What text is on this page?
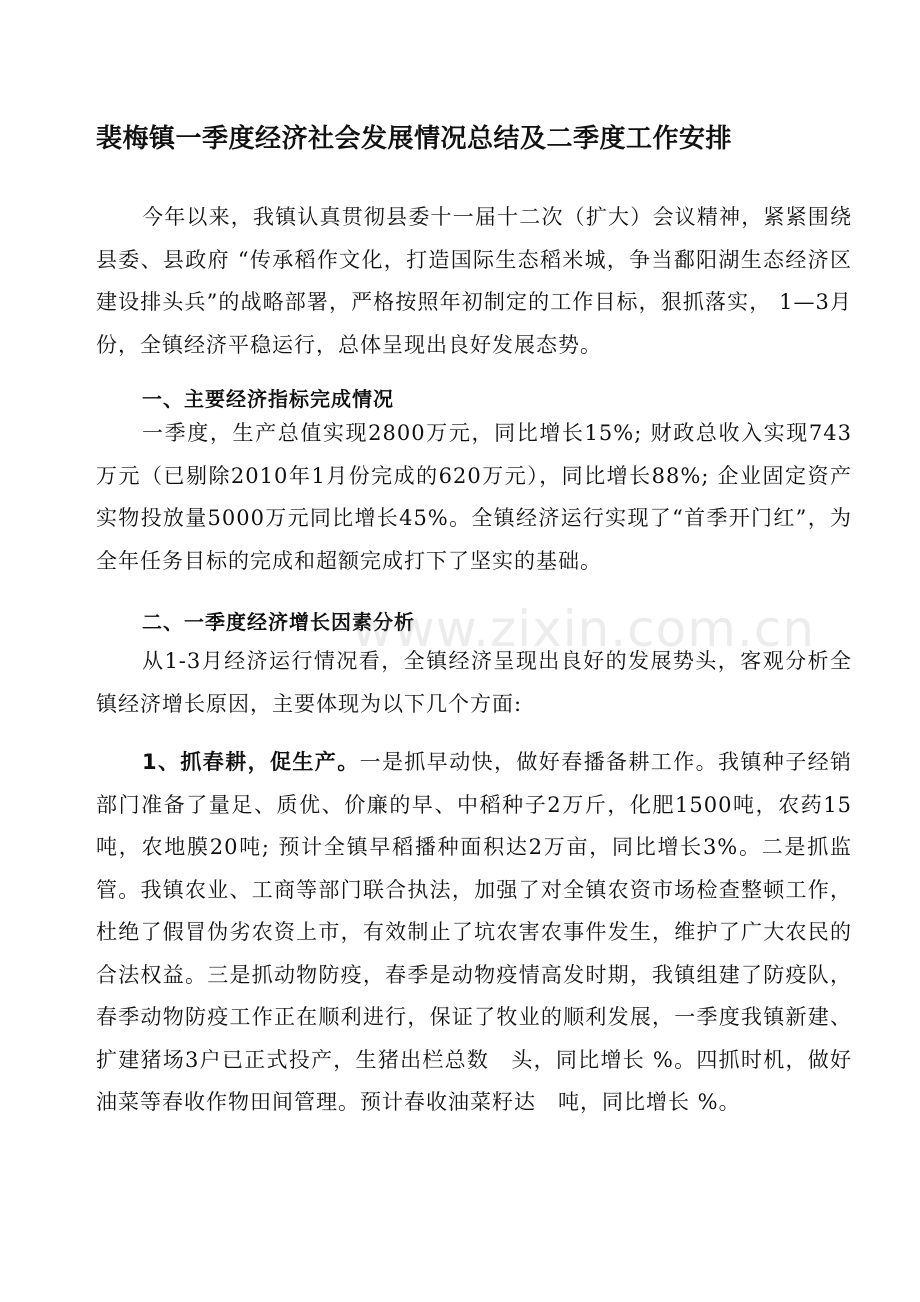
裴梅镇一季度经济社会发展情况总结及二季度工作安排

今年以来，我镇认真贯彻县委十一届十二次（扩大）会议精神，紧紧围绕县委、县政府 “传承稻作文化，打造国际生态稻米城，争当鄱阳湖生态经济区建设排头兵”的战略部署，严格按照年初制定的工作目标，狠抓落实， 1—3月份，全镇经济平稳运行，总体呈现出良好发展态势。

一、主要经济指标完成情况

一季度，生产总值实现2800万元，同比增长15%; 财政总收入实现743万元（已剔除2010年1月份完成的620万元），同比增长88%; 企业固定资产实物投放量5000万元同比增长45%。全镇经济运行实现了“首季开门红”，为全年任务目标的完成和超额完成打下了坚实的基础。

二、一季度经济增长因素分析

从1-3月经济运行情况看，全镇经济呈现出良好的发展势头，客观分析全镇经济增长原因，主要体现为以下几个方面:

1、抓春耕，促生产。一是抓早动快，做好春播备耕工作。我镇种子经销部门准备了量足、质优、价廉的早、中稻种子2万斤，化肥1500吨，农药15吨，农地膜20吨; 预计全镇早稻播种面积达2万亩，同比增长3%。二是抓监管。我镇农业、工商等部门联合执法，加强了对全镇农资市场检查整顿工作，杜绝了假冒伪劣农资上市，有效制止了坑农害农事件发生，维护了广大农民的合法权益。三是抓动物防疫，春季是动物疫情高发时期，我镇组建了防疫队，春季动物防疫工作正在顺利进行，保证了牧业的顺利发展，一季度我镇新建、扩建猪场3户已正式投产，生猪出栏总数　头，同比增长 %。四抓时机，做好油菜等春收作物田间管理。预计春收油菜籽达　吨，同比增长 %。

www.zixin.com.cn
